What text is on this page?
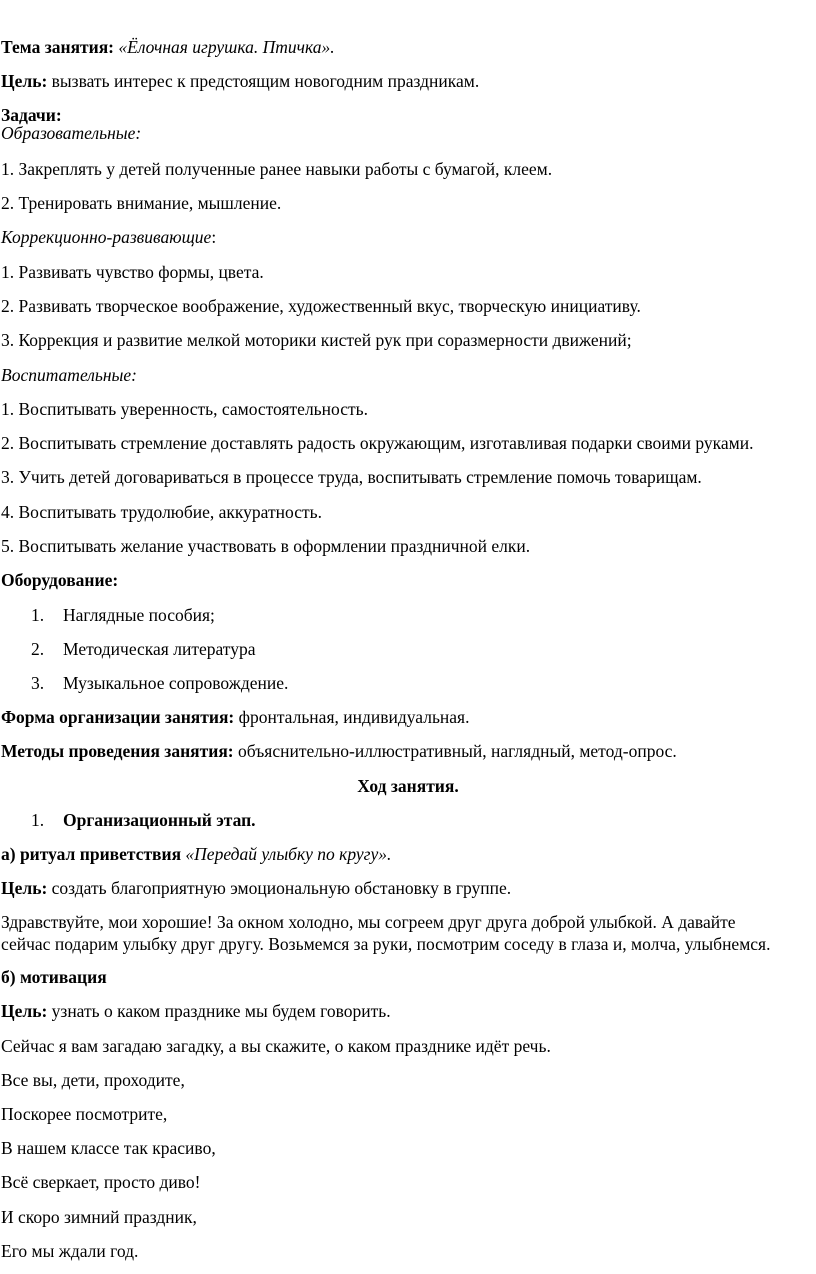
Тема занятия: «Ёлочная игрушка. Птичка».
Цель: вызвать интерес к предстоящим новогодним праздникам.
Задачи:
Образовательные:
1. Закреплять у детей полученные ранее навыки работы с бумагой, клеем.
2. Тренировать внимание, мышление.
Коррекционно-развивающие:
1. Развивать чувство формы, цвета.
2. Развивать творческое воображение, художественный вкус, творческую инициативу.
3. Коррекция и развитие мелкой моторики кистей рук при соразмерности движений;
Воспитательные:
1. Воспитывать уверенность, самостоятельность.
2. Воспитывать стремление доставлять радость окружающим, изготавливая подарки своими руками.
3. Учить детей договариваться в процессе труда, воспитывать стремление помочь товарищам.
4. Воспитывать трудолюбие, аккуратность.
5. Воспитывать желание участвовать в оформлении праздничной елки.
Оборудование:
1. Наглядные пособия;
2. Методическая литература
3. Музыкальное сопровождение.
Форма организации занятия: фронтальная, индивидуальная.
Методы проведения занятия: объяснительно-иллюстративный, наглядный, метод-опрос.
Ход занятия.
1. Организационный этап.
а) ритуал приветствия «Передай улыбку по кругу».
Цель: создать благоприятную эмоциональную обстановку в группе.
Здравствуйте, мои хорошие! За окном холодно, мы согреем друг друга доброй улыбкой. А давайте
сейчас подарим улыбку друг другу. Возьмемся за руки, посмотрим соседу в глаза и, молча, улыбнемся.
б) мотивация
Цель: узнать о каком празднике мы будем говорить.
Сейчас я вам загадаю загадку, а вы скажите, о каком празднике идёт речь.
Все вы, дети, проходите,
Поскорее посмотрите,
В нашем классе так красиво,
Всё сверкает, просто диво!
И скоро зимний праздник,
Его мы ждали год.
